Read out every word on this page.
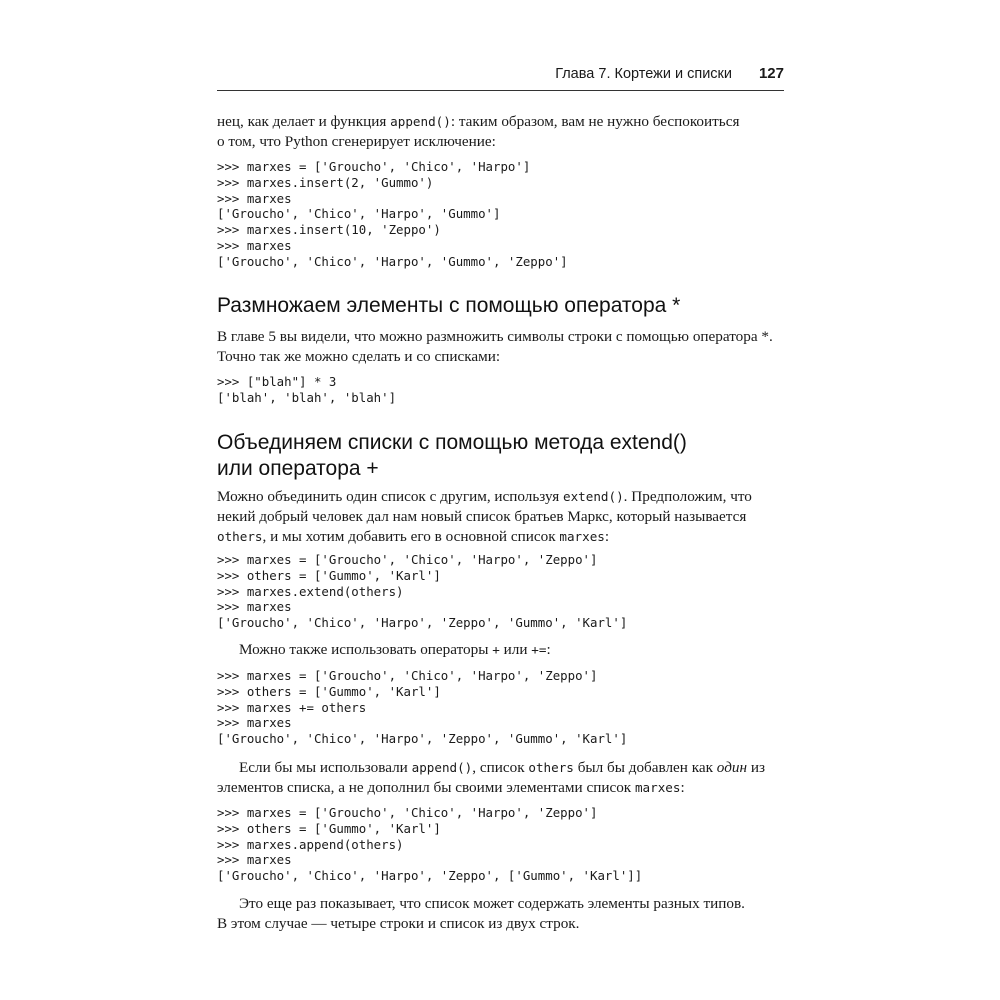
Глава 7. Кортежи и списки 127

нец, как делает и функция append(): таким образом, вам не нужно беспокоиться
о том, что Python сгенерирует исключение:

>>> marxes = ['Groucho', 'Chico', 'Harpo']
>>> marxes.insert(2, 'Gummo')
>>> marxes
['Groucho', 'Chico', 'Harpo', 'Gummo']
>>> marxes.insert(10, 'Zeppo')
>>> marxes
['Groucho', 'Chico', 'Harpo', 'Gummo', 'Zeppo']
Размножаем элементы с помощью оператора *

В главе 5 вы видели, что можно размножить символы строки с помощью оператора *.
Точно так же можно сделать и со списками:

>>> ["blah"] * 3
['blah', 'blah', 'blah']
Объединяем списки с помощью метода extend()
или оператора +

Можно объединить один список с другим, используя extend(). Предположим, что
некий добрый человек дал нам новый список братьев Маркс, который называется
others, и мы хотим добавить его в основной список marxes:

>>> marxes = ['Groucho', 'Chico', 'Harpo', 'Zeppo']
>>> others = ['Gummo', 'Karl']
>>> marxes.extend(others)
>>> marxes
['Groucho', 'Chico', 'Harpo', 'Zeppo', 'Gummo', 'Karl']

Можно также использовать операторы + или +=:

>>> marxes = ['Groucho', 'Chico', 'Harpo', 'Zeppo']
>>> others = ['Gummo', 'Karl']
>>> marxes += others
>>> marxes
['Groucho', 'Chico', 'Harpo', 'Zeppo', 'Gummo', 'Karl']

Если бы мы использовали append(), список others был бы добавлен как один из

элементов списка, а не дополнил бы своими элементами список marxes:

>>> marxes = ['Groucho', 'Chico', 'Harpo', 'Zeppo']
>>> others = ['Gummo', 'Karl']
>>> marxes.append(others)
>>> marxes
['Groucho', 'Chico', 'Harpo', 'Zeppo', ['Gummo', 'Karl']]

Это еще раз показывает, что список может содержать элементы разных типов.

В этом случае — четыре строки и список из двух строк.
